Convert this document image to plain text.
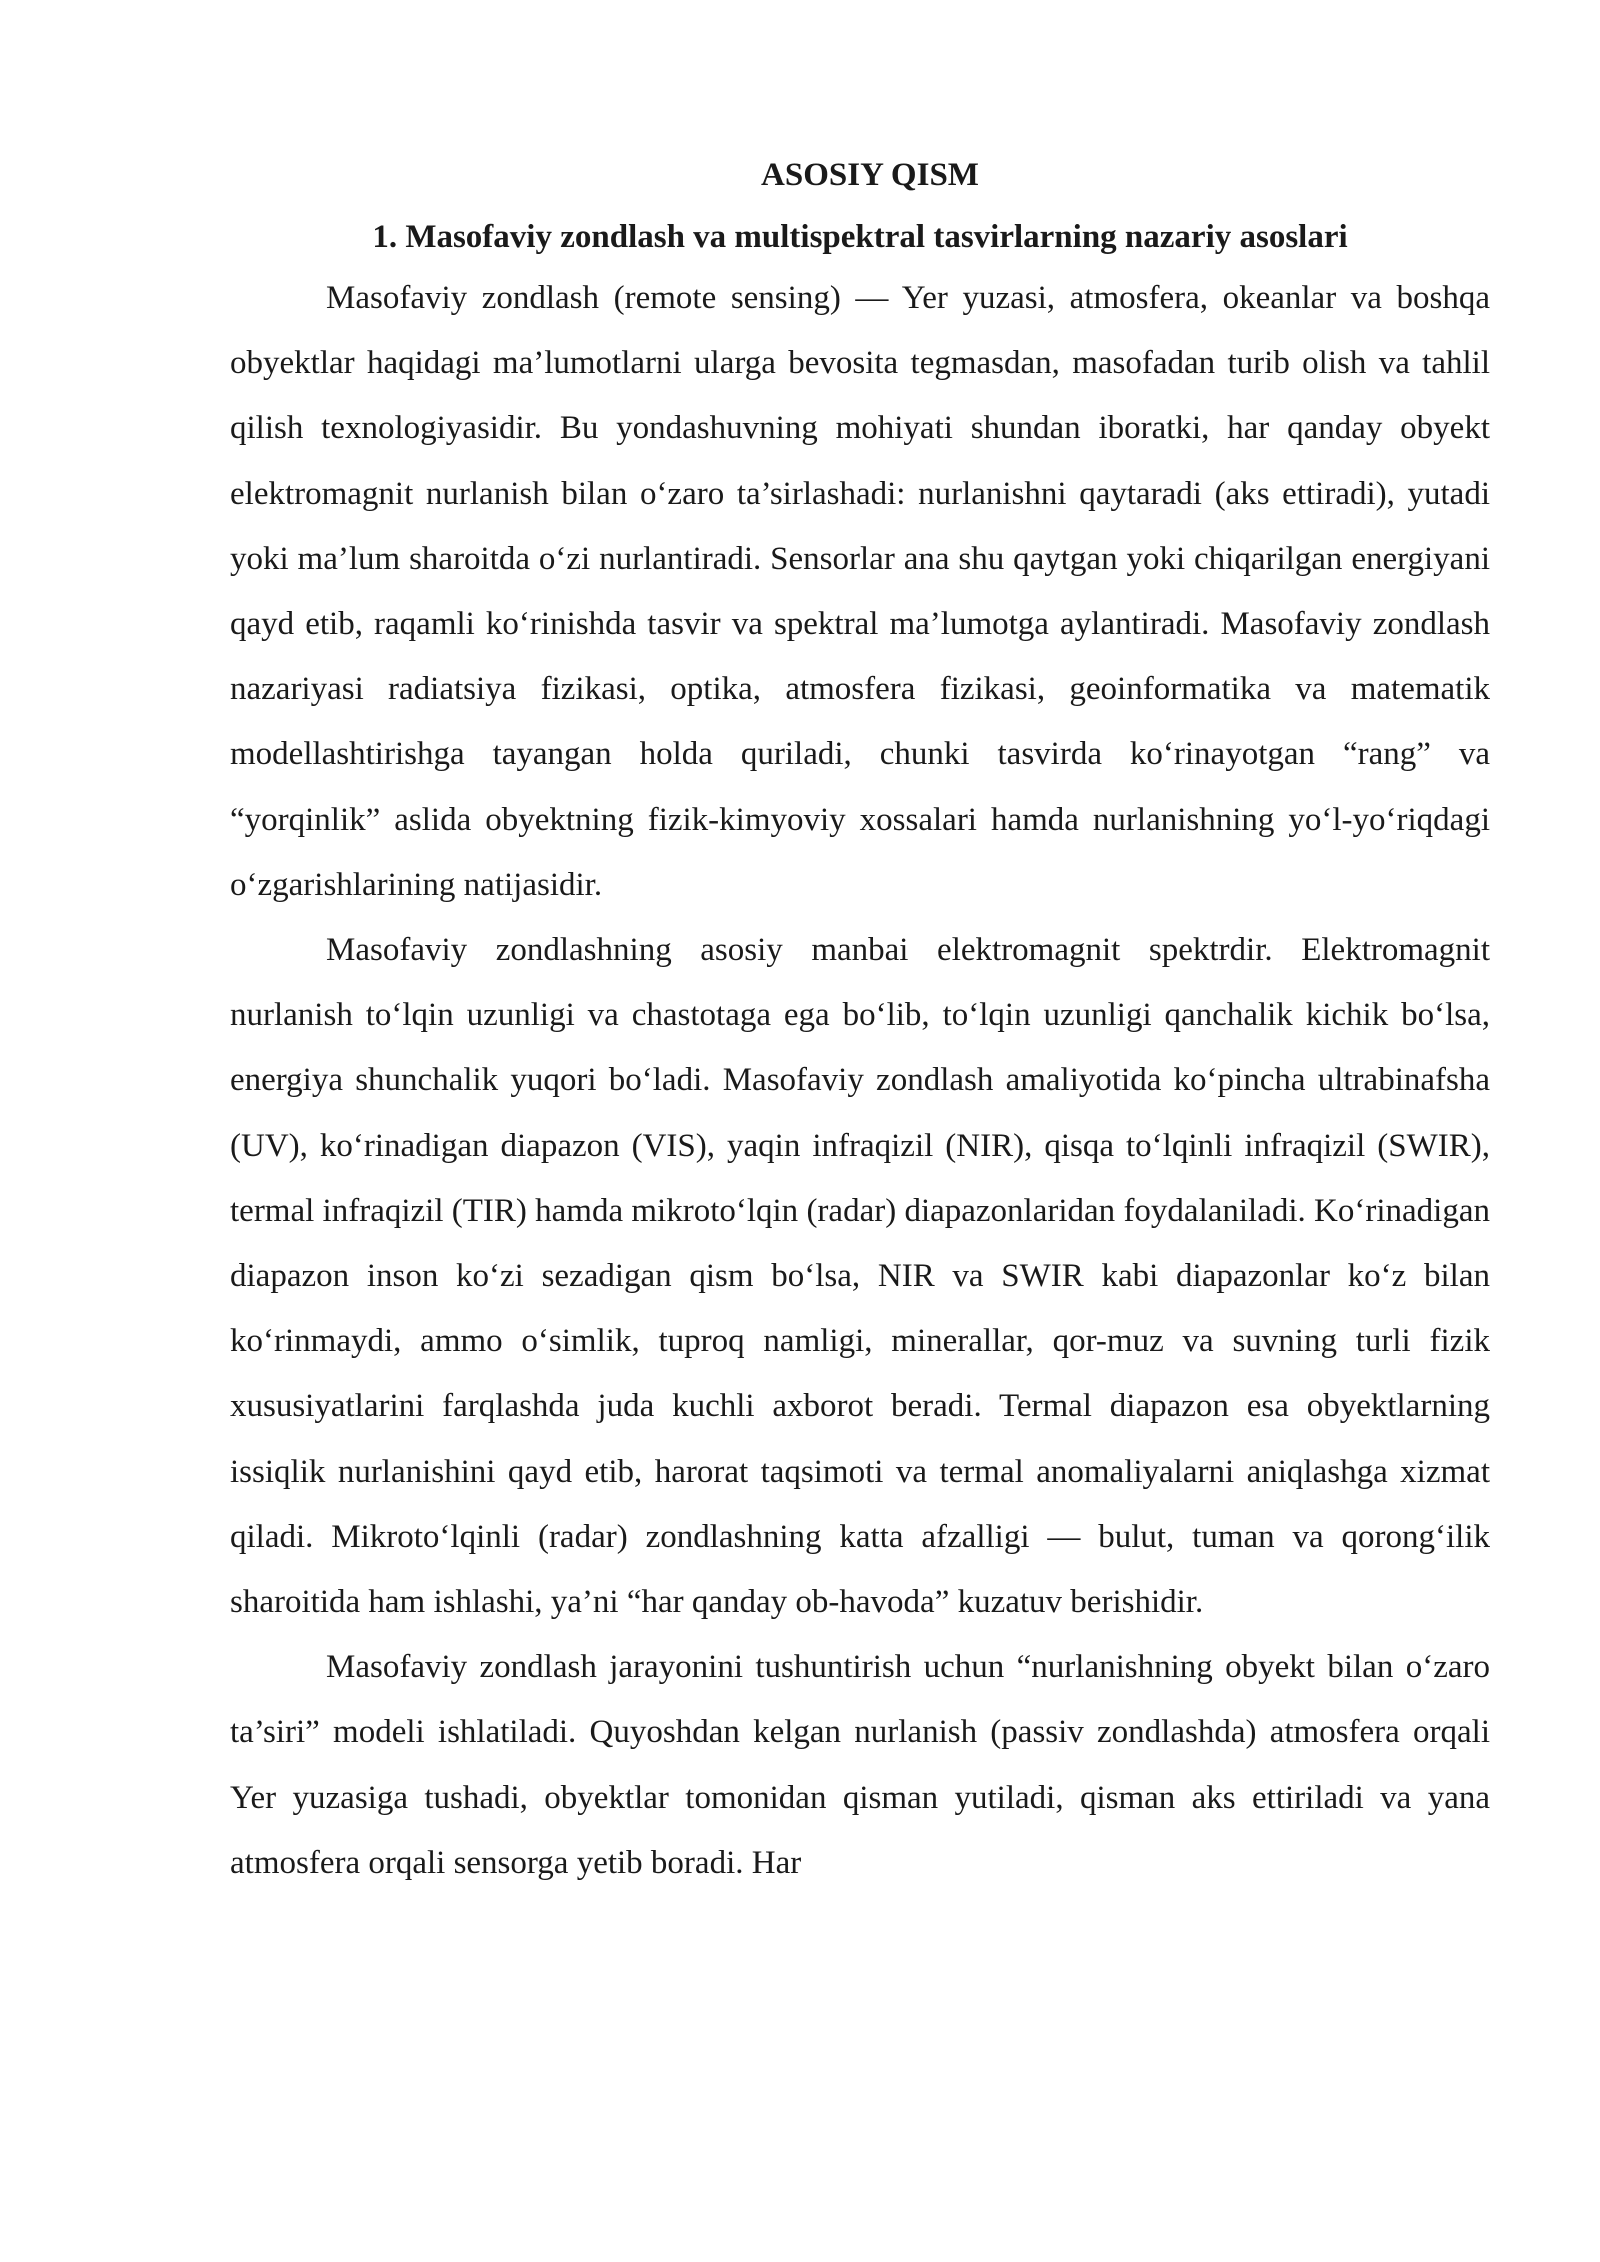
ASOSIY QISM
1. Masofaviy zondlash va multispektral tasvirlarning nazariy asoslari

Masofaviy zondlash (remote sensing) — Yer yuzasi, atmosfera, okeanlar va boshqa obyektlar haqidagi ma’lumotlarni ularga bevosita tegmasdan, masofadan turib olish va tahlil qilish texnologiyasidir. Bu yondashuvning mohiyati shundan iboratki, har qanday obyekt elektromagnit nurlanish bilan o‘zaro ta’sirlashadi: nurlanishni qaytaradi (aks ettiradi), yutadi yoki ma’lum sharoitda o‘zi nurlantiradi. Sensorlar ana shu qaytgan yoki chiqarilgan energiyani qayd etib, raqamli ko‘rinishda tasvir va spektral ma’lumotga aylantiradi. Masofaviy zondlash nazariyasi radiatsiya fizikasi, optika, atmosfera fizikasi, geoinformatika va matematik modellashtirishga tayangan holda quriladi, chunki tasvirda ko‘rinayotgan “rang” va “yorqinlik” aslida obyektning fizik-kimyoviy xossalari hamda nurlanishning yo‘l-yo‘riqdagi o‘zgarishlarining natijasidir.

Masofaviy zondlashning asosiy manbai elektromagnit spektrdir. Elektromagnit nurlanish to‘lqin uzunligi va chastotaga ega bo‘lib, to‘lqin uzunligi qanchalik kichik bo‘lsa, energiya shunchalik yuqori bo‘ladi. Masofaviy zondlash amaliyotida ko‘pincha ultrabinafsha (UV), ko‘rinadigan diapazon (VIS), yaqin infraqizil (NIR), qisqa to‘lqinli infraqizil (SWIR), termal infraqizil (TIR) hamda mikroto‘lqin (radar) diapazonlaridan foydalaniladi. Ko‘rinadigan diapazon inson ko‘zi sezadigan qism bo‘lsa, NIR va SWIR kabi diapazonlar ko‘z bilan ko‘rinmaydi, ammo o‘simlik, tuproq namligi, minerallar, qor-muz va suvning turli fizik xususiyatlarini farqlashda juda kuchli axborot beradi. Termal diapazon esa obyektlarning issiqlik nurlanishini qayd etib, harorat taqsimoti va termal anomaliyalarni aniqlashga xizmat qiladi. Mikroto‘lqinli (radar) zondlashning katta afzalligi — bulut, tuman va qorong‘ilik sharoitida ham ishlashi, ya’ni “har qanday ob-havoda” kuzatuv berishidir.

Masofaviy zondlash jarayonini tushuntirish uchun “nurlanishning obyekt bilan o‘zaro ta’siri” modeli ishlatiladi. Quyoshdan kelgan nurlanish (passiv zondlashda) atmosfera orqali Yer yuzasiga tushadi, obyektlar tomonidan qisman yutiladi, qisman aks ettiriladi va yana atmosfera orqali sensorga yetib boradi. Har
